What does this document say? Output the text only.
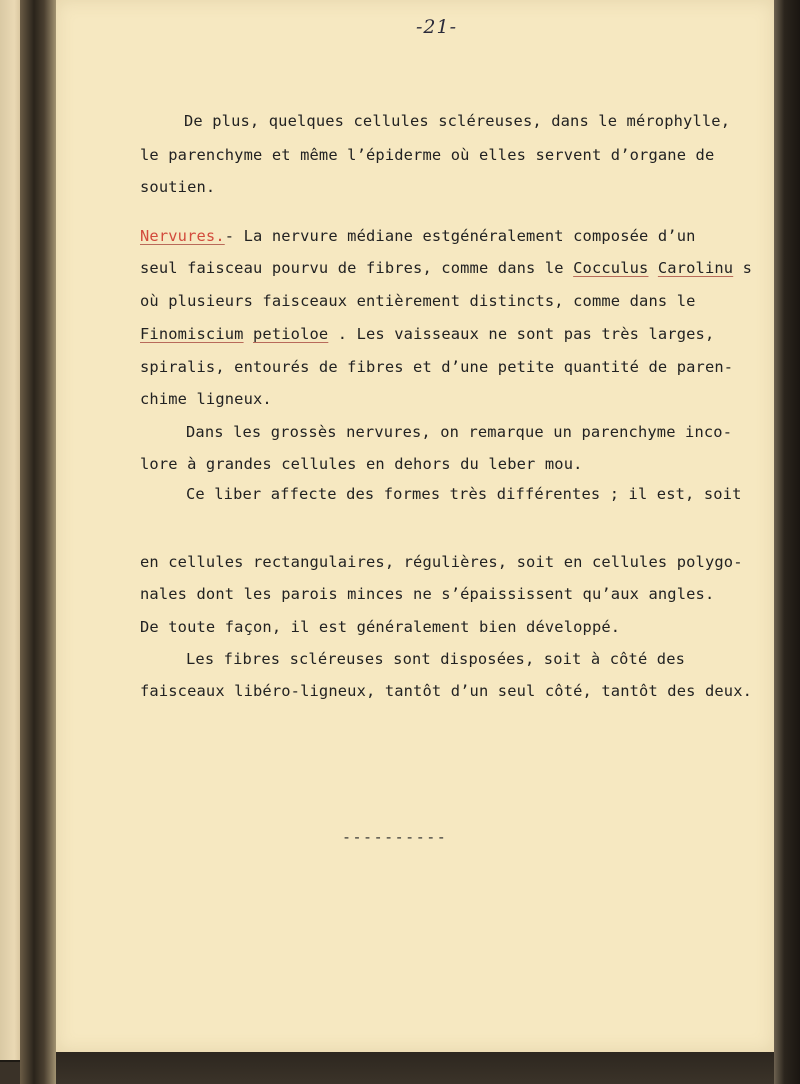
-21-
De plus, quelques cellules scléreuses, dans le mérophylle,
le parenchyme et même l’épiderme où elles servent d’organe de
soutien.
Nervures.- La nervure médiane estgénéralement composée d’un
seul faisceau pourvu de fibres, comme dans le Cocculus Carolinu s
où plusieurs faisceaux entièrement distincts, comme dans le
Finomiscium petioloe . Les vaisseaux ne sont pas très larges,
spiralis, entourés de fibres et d’une petite quantité de paren-
chime ligneux.
Dans les grossès nervures, on remarque un parenchyme inco-
lore à grandes cellules en dehors du leber mou.
Ce liber affecte des formes très différentes ; il est, soit
en cellules rectangulaires, régulières, soit en cellules polygo-
nales dont les parois minces ne s’épaississent qu’aux angles.
De toute façon, il est généralement bien développé.
Les fibres scléreuses sont disposées, soit à côté des
faisceaux libéro-ligneux, tantôt d’un seul côté, tantôt des deux.
----------
